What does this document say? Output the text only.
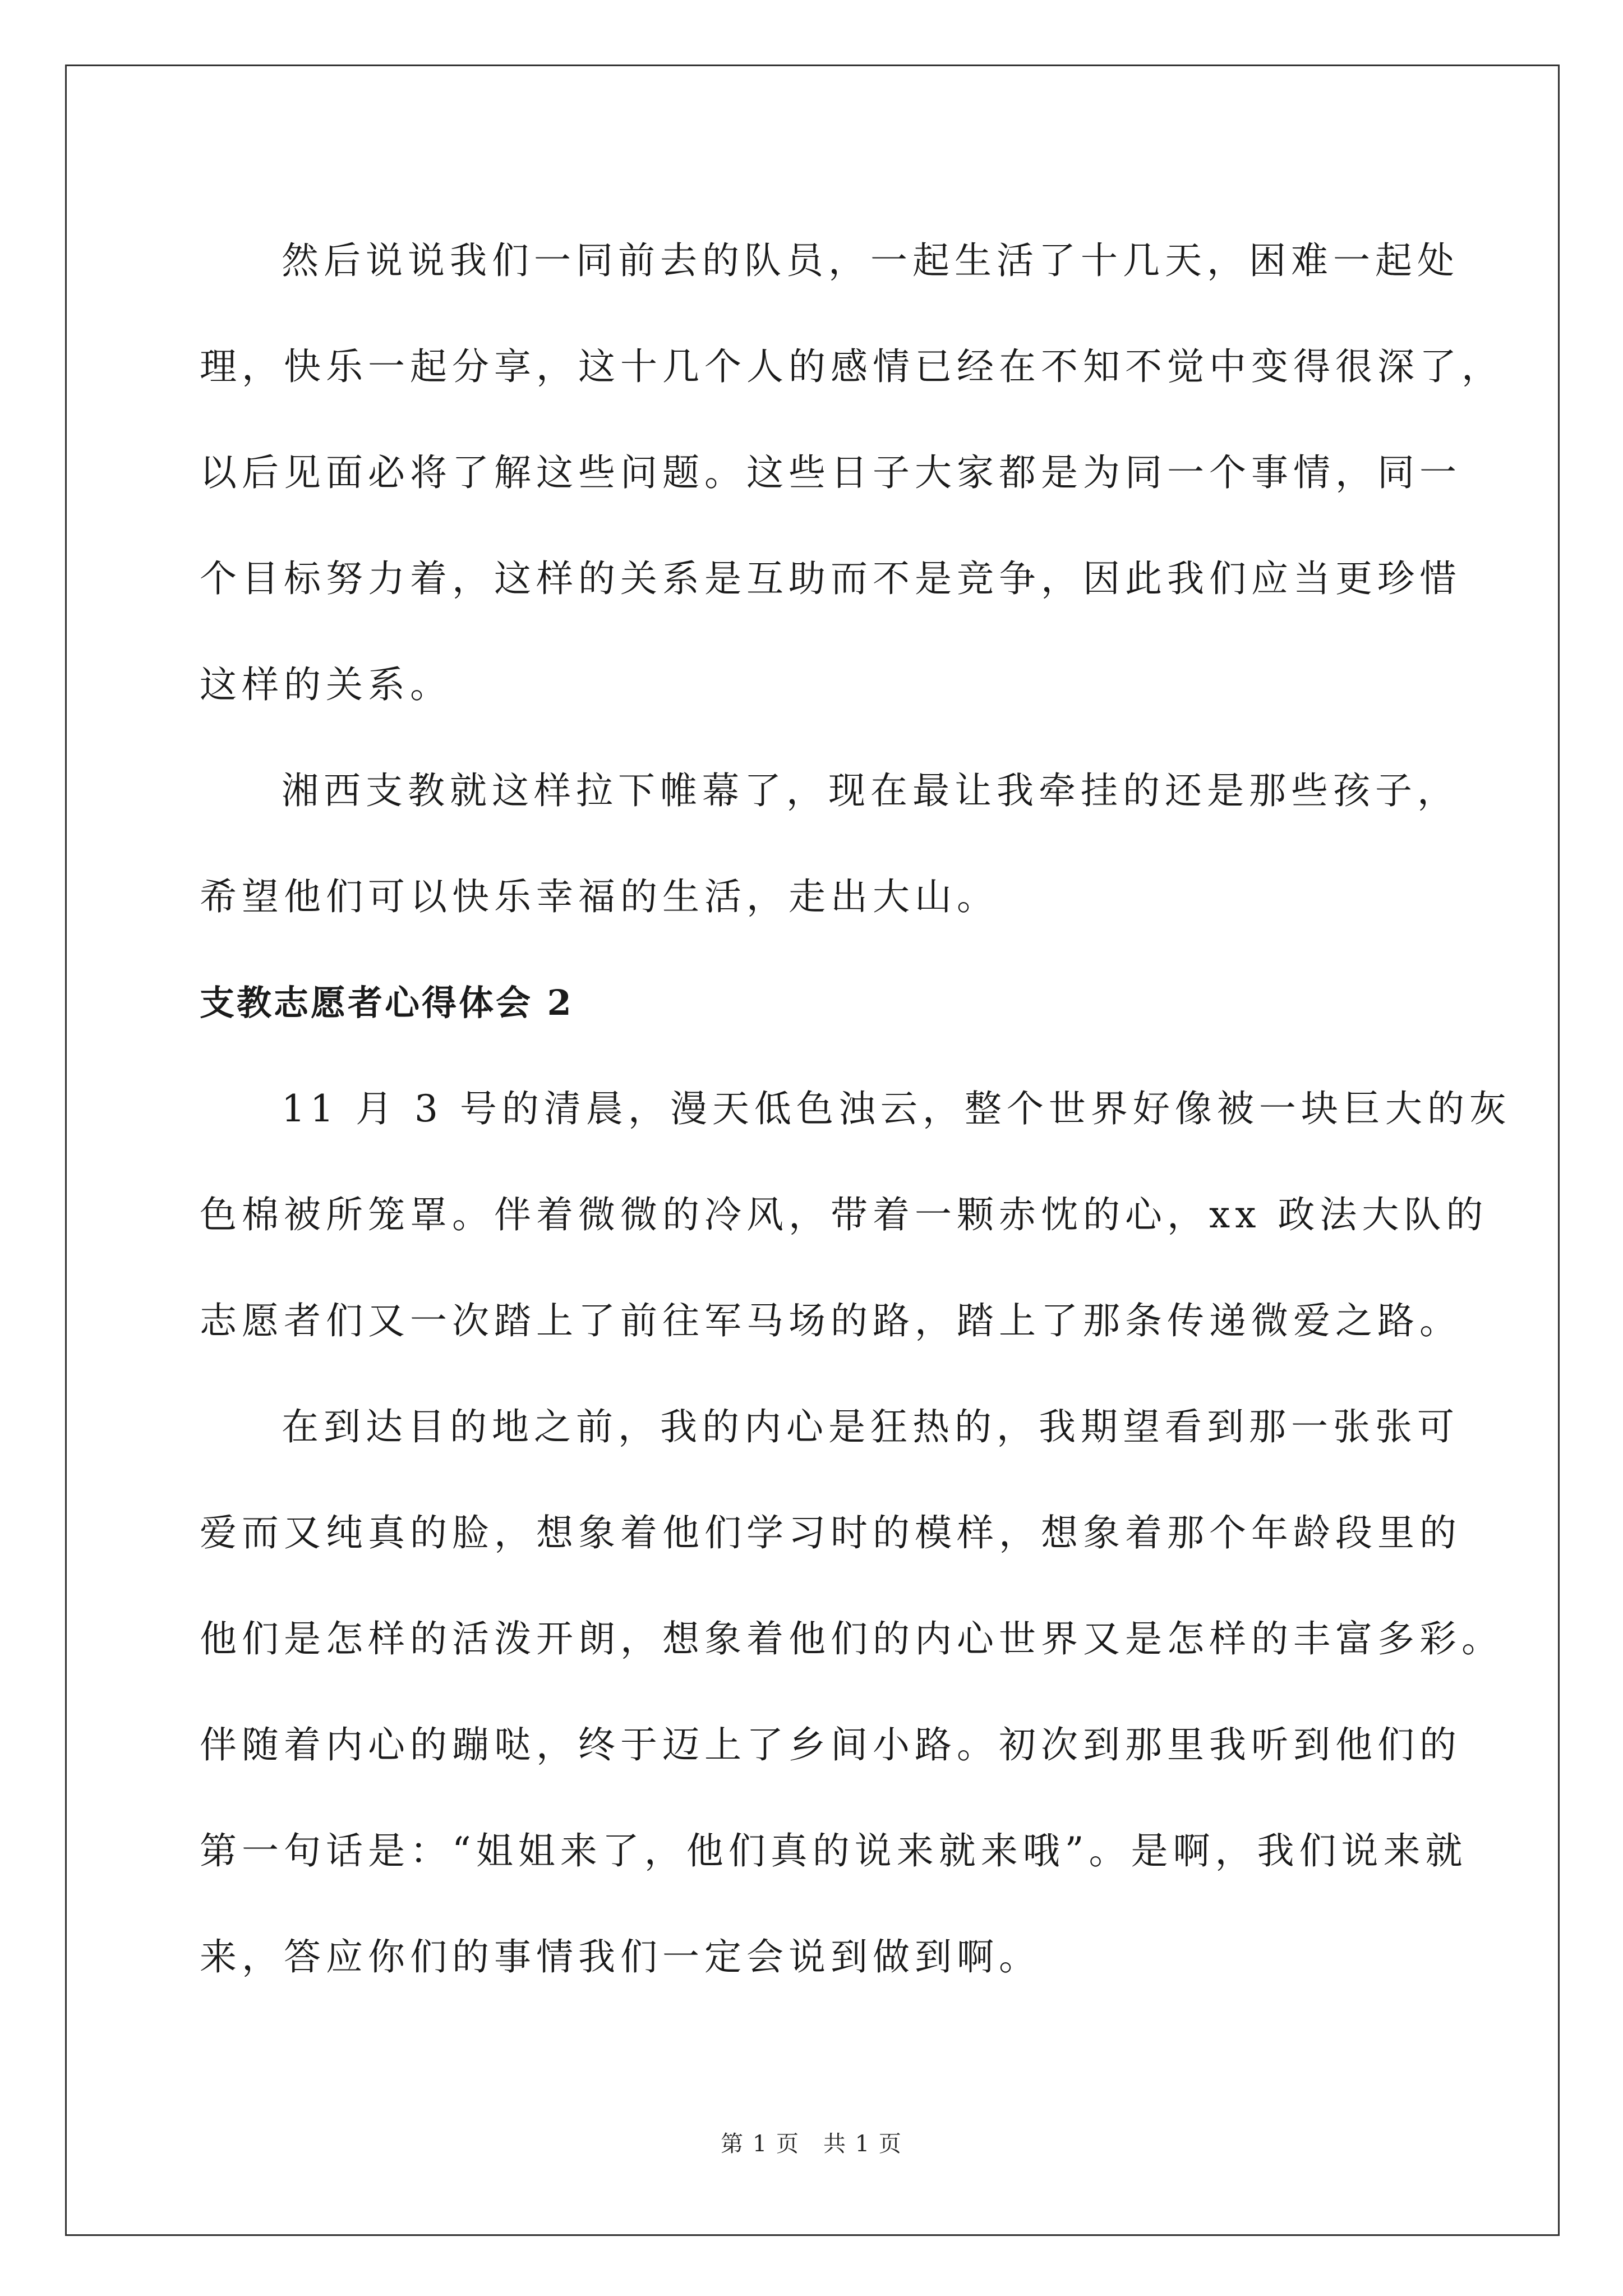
然后说说我们一同前去的队员，一起生活了十几天，困难一起处
理，快乐一起分享，这十几个人的感情已经在不知不觉中变得很深了，
以后见面必将了解这些问题。这些日子大家都是为同一个事情，同一
个目标努力着，这样的关系是互助而不是竞争，因此我们应当更珍惜
这样的关系。

湘西支教就这样拉下帷幕了，现在最让我牵挂的还是那些孩子，
希望他们可以快乐幸福的生活，走出大山。

支教志愿者心得体会 2

11 月 3 号的清晨，漫天低色浊云，整个世界好像被一块巨大的灰
色棉被所笼罩。伴着微微的冷风，带着一颗赤忱的心，xx 政法大队的
志愿者们又一次踏上了前往军马场的路，踏上了那条传递微爱之路。

在到达目的地之前，我的内心是狂热的，我期望看到那一张张可
爱而又纯真的脸，想象着他们学习时的模样，想象着那个年龄段里的
他们是怎样的活泼开朗，想象着他们的内心世界又是怎样的丰富多彩。
伴随着内心的蹦哒，终于迈上了乡间小路。初次到那里我听到他们的
第一句话是：“姐姐来了，他们真的说来就来哦”。是啊，我们说来就
来，答应你们的事情我们一定会说到做到啊。

第 1 页　共 1 页
